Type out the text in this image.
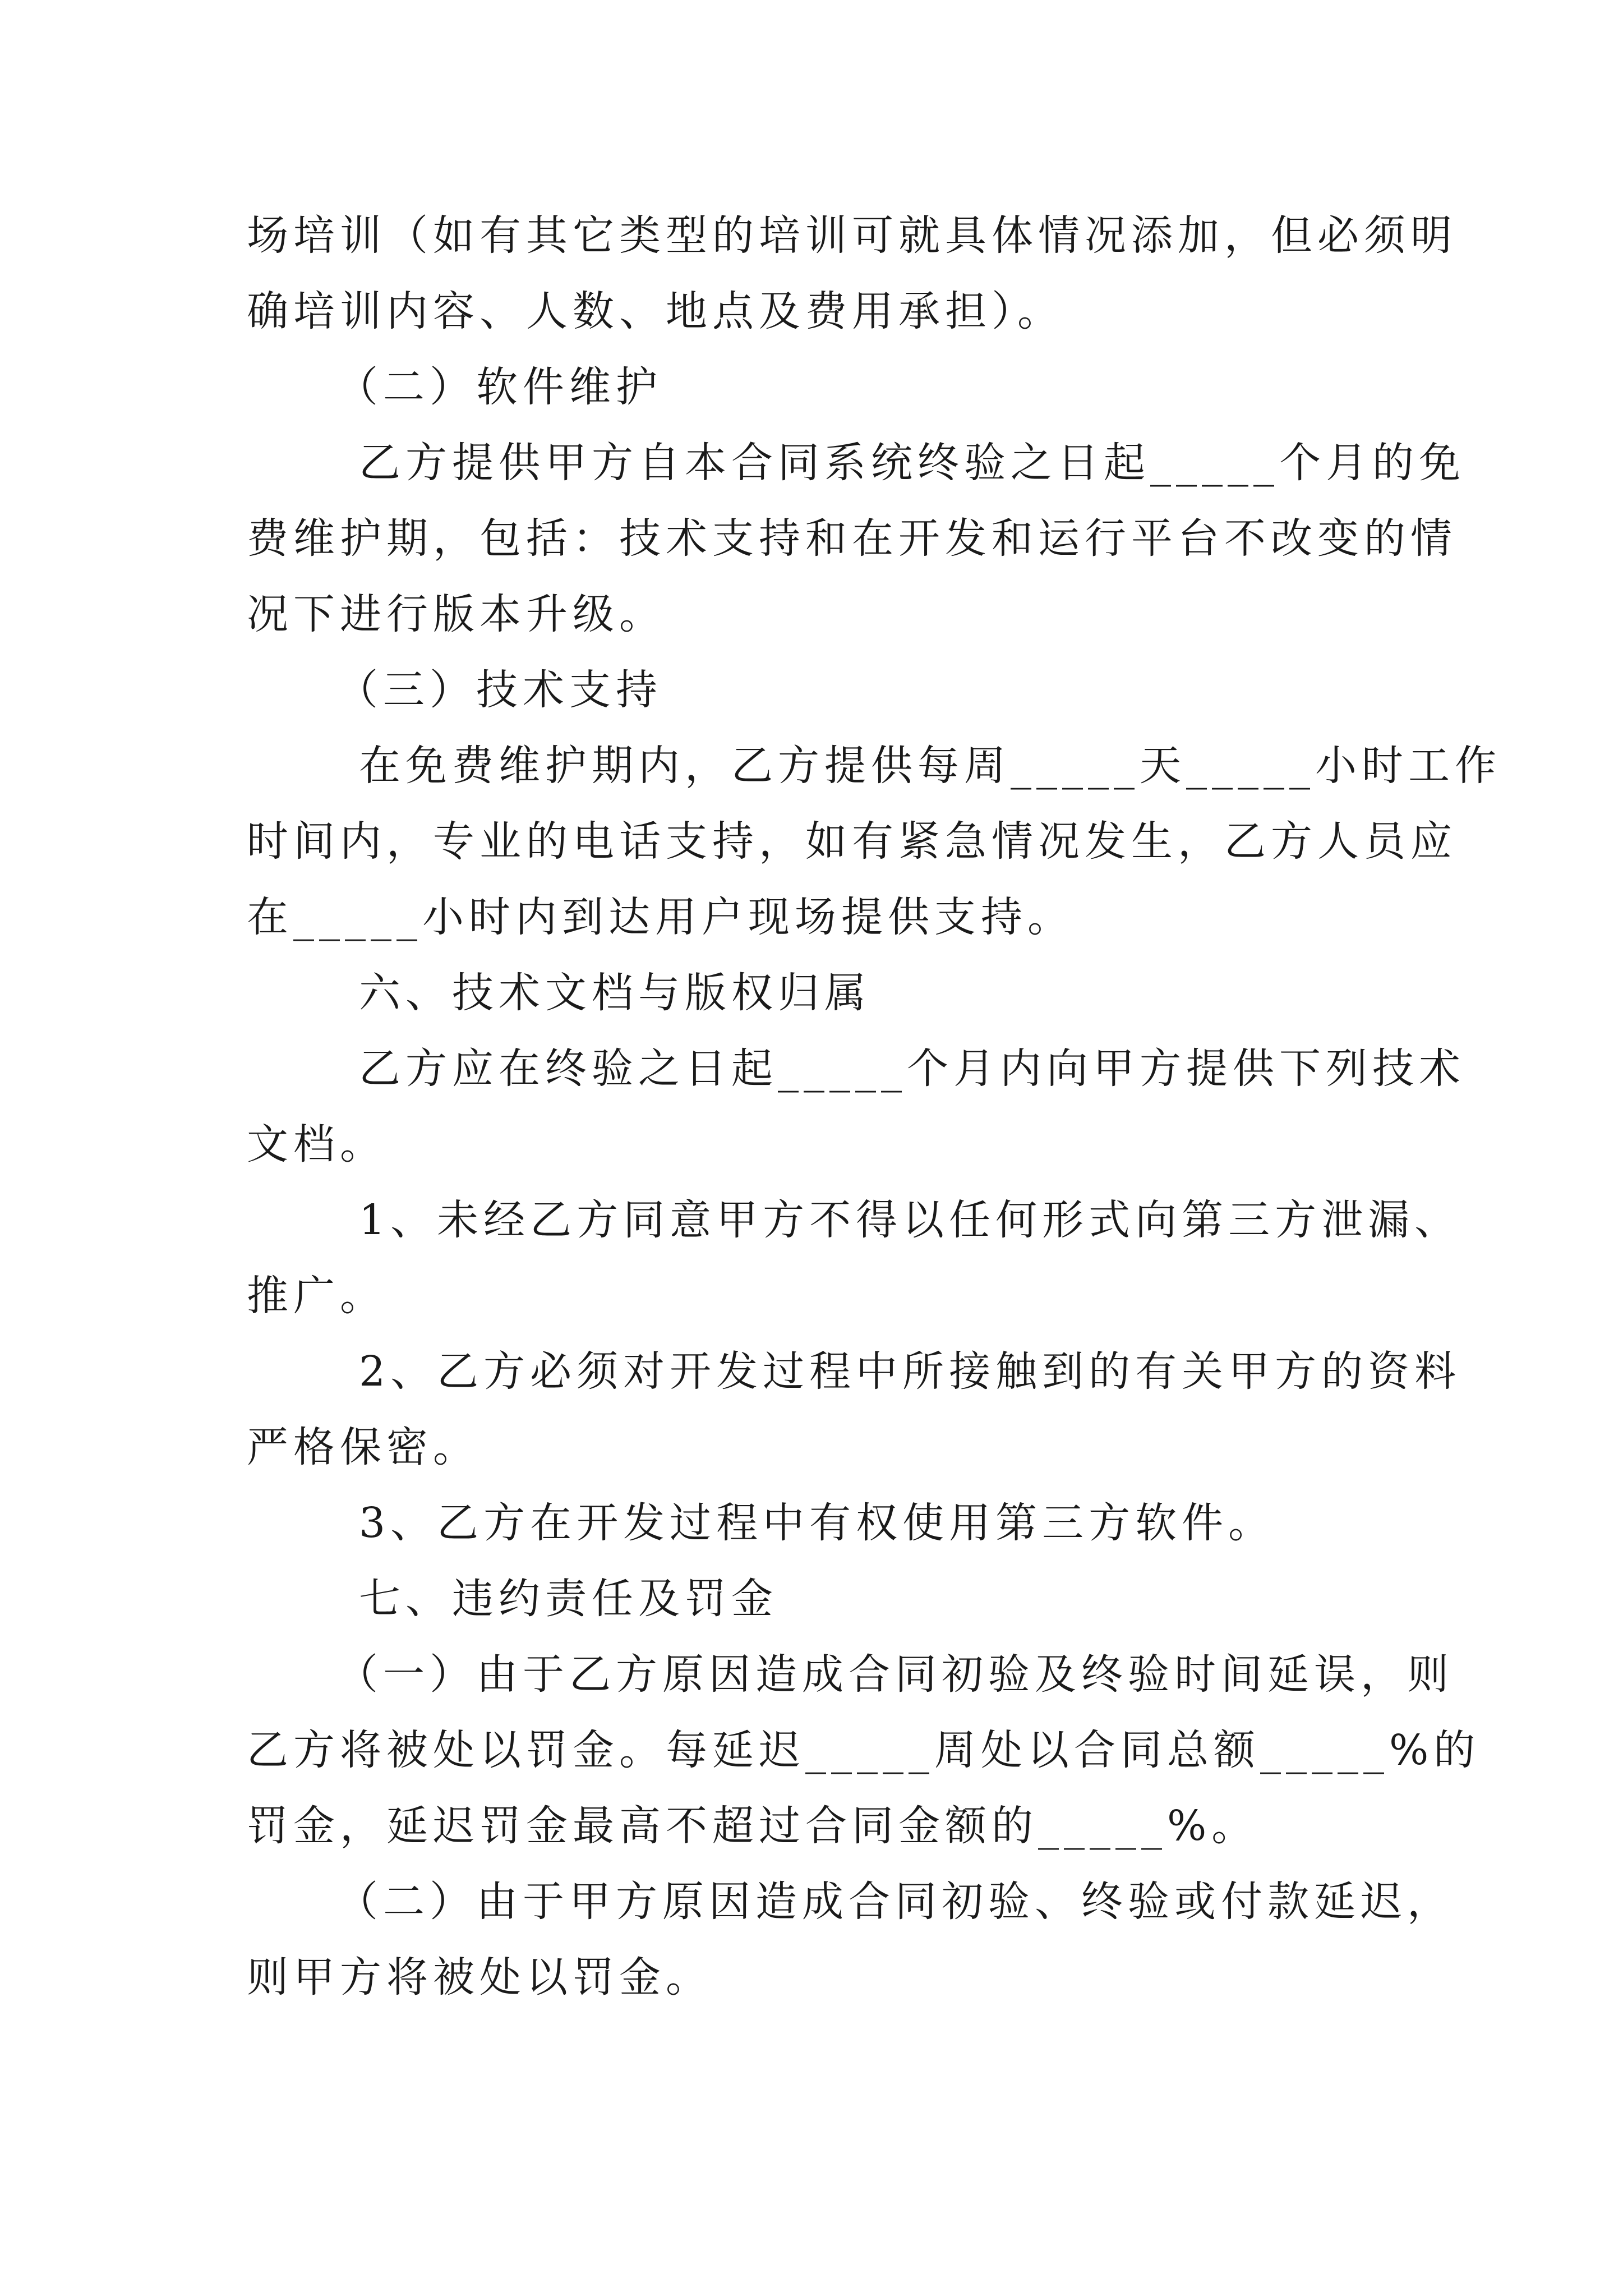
场培训（如有其它类型的培训可就具体情况添加，但必须明
确培训内容、人数、地点及费用承担）。
（二）软件维护
乙方提供甲方自本合同系统终验之日起_____个月的免
费维护期，包括：技术支持和在开发和运行平台不改变的情
况下进行版本升级。
（三）技术支持
在免费维护期内，乙方提供每周_____天_____小时工作
时间内，专业的电话支持，如有紧急情况发生，乙方人员应
在_____小时内到达用户现场提供支持。
六、技术文档与版权归属
乙方应在终验之日起_____个月内向甲方提供下列技术
文档。
1、未经乙方同意甲方不得以任何形式向第三方泄漏、
推广。
2、乙方必须对开发过程中所接触到的有关甲方的资料
严格保密。
3、乙方在开发过程中有权使用第三方软件。
七、违约责任及罚金
（一）由于乙方原因造成合同初验及终验时间延误，则
乙方将被处以罚金。每延迟_____周处以合同总额_____%的
罚金，延迟罚金最高不超过合同金额的_____%。
（二）由于甲方原因造成合同初验、终验或付款延迟，
则甲方将被处以罚金。
